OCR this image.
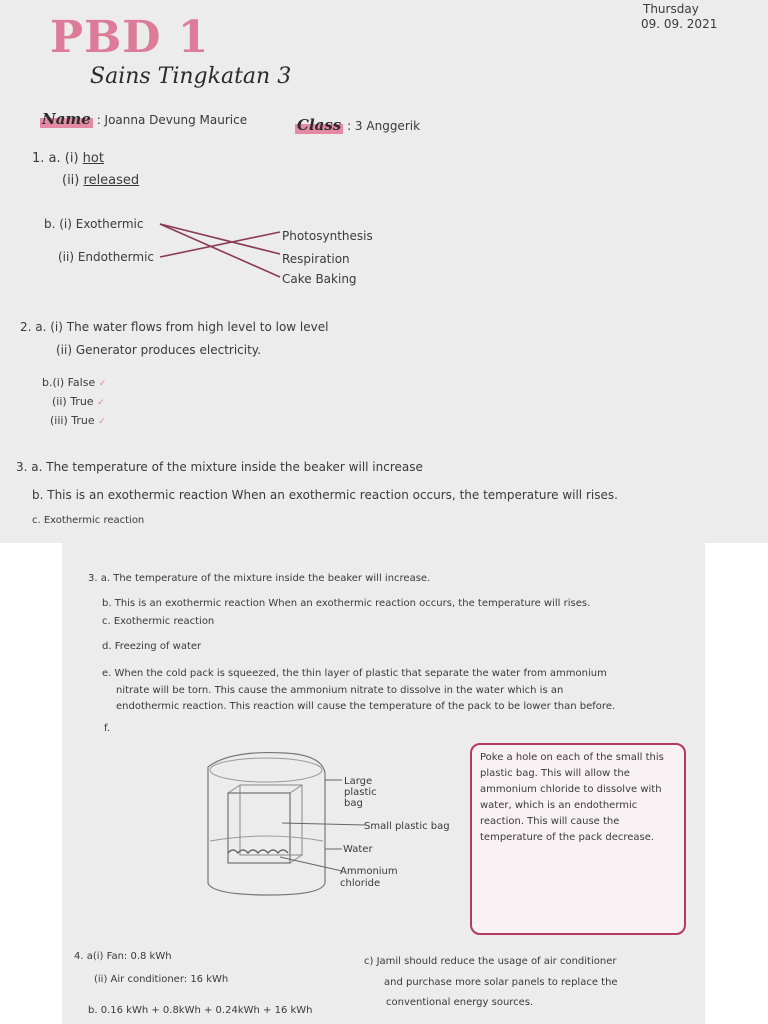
Thursday
09. 09. 2021
PBD 1
Sains Tingkatan 3
Name : Joanna Devung Maurice	Class : 3 Anggerik
1. a. (i) hot
(ii) released
b. (i) Exothermic
(ii) Endothermic
Photosynthesis
Respiration
Cake Baking
2. a. (i) The water flows from high level to low level
(ii) Generator produces electricity.
b.(i) False ✓
(ii) True ✓
(iii) True ✓
3. a. The temperature of the mixture inside the beaker will increase
b. This is an exothermic reaction When an exothermic reaction occurs, the temperature will rises.
c. Exothermic reaction
3. a. The temperature of the mixture inside the beaker will increase.
b. This is an exothermic reaction When an exothermic reaction occurs, the temperature will rises.
c. Exothermic reaction
d. Freezing of water
e. When the cold pack is squeezed, the thin layer of plastic that separate the water from ammonium
nitrate will be torn. This cause the ammonium nitrate to dissolve in the water which is an
endothermic reaction. This reaction will cause the temperature of the pack to be lower than before.
f.
Large
plastic
bag
Small plastic bag
Water
Ammonium
chloride
Poke a hole on each of the small this plastic bag. This will allow the ammonium chloride to dissolve with water, which is an endothermic reaction. This will cause the temperature of the pack decrease.
4. a(i) Fan: 0.8 kWh
(ii) Air conditioner: 16 kWh
b. 0.16 kWh + 0.8kWh + 0.24kWh + 16 kWh
c) Jamil should reduce the usage of air conditioner
and purchase more solar panels to replace the
conventional energy sources.
